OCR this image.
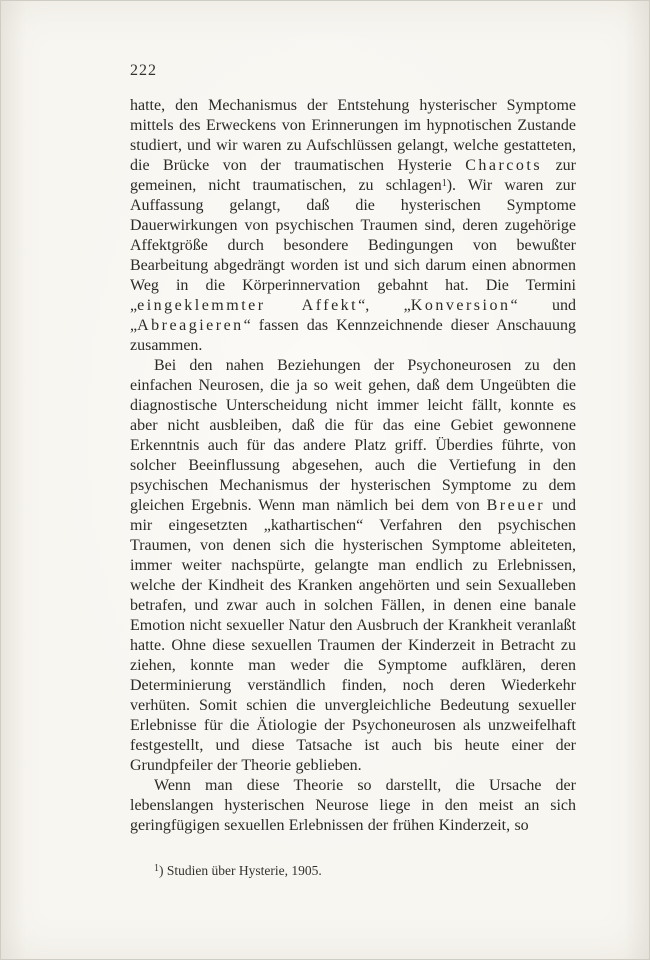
222

hatte, den Mechanismus der Entstehung hysterischer Symptome mittels des Erweckens von Erinnerungen im hypnotischen Zustande studiert, und wir waren zu Aufschlüssen gelangt, welche gestatteten, die Brücke von der traumatischen Hysterie Charcots zur gemeinen, nicht traumatischen, zu schlagen$^1$). Wir waren zur Auffassung gelangt, daß die hysterischen Symptome Dauerwirkungen von psychischen Traumen sind, deren zugehörige Affektgröße durch besondere Bedingungen von bewußter Bearbeitung abgedrängt worden ist und sich darum einen abnormen Weg in die Körperinnervation gebahnt hat. Die Termini „eingeklemmter Affekt“, „Konversion“ und „Abreagieren“ fassen das Kennzeichnende dieser Anschauung zusammen.

Bei den nahen Beziehungen der Psychoneurosen zu den einfachen Neurosen, die ja so weit gehen, daß dem Ungeübten die diagnostische Unterscheidung nicht immer leicht fällt, konnte es aber nicht ausbleiben, daß die für das eine Gebiet gewonnene Erkenntnis auch für das andere Platz griff. Überdies führte, von solcher Beeinflussung abgesehen, auch die Vertiefung in den psychischen Mechanismus der hysterischen Symptome zu dem gleichen Ergebnis. Wenn man nämlich bei dem von Breuer und mir eingesetzten „kathartischen“ Verfahren den psychischen Traumen, von denen sich die hysterischen Symptome ableiteten, immer weiter nachspürte, gelangte man endlich zu Erlebnissen, welche der Kindheit des Kranken angehörten und sein Sexualleben betrafen, und zwar auch in solchen Fällen, in denen eine banale Emotion nicht sexueller Natur den Ausbruch der Krankheit veranlaßt hatte. Ohne diese sexuellen Traumen der Kinderzeit in Betracht zu ziehen, konnte man weder die Symptome aufklären, deren Determinierung verständlich finden, noch deren Wiederkehr verhüten. Somit schien die unvergleichliche Bedeutung sexueller Erlebnisse für die Ätiologie der Psychoneurosen als unzweifelhaft festgestellt, und diese Tatsache ist auch bis heute einer der Grundpfeiler der Theorie geblieben.

Wenn man diese Theorie so darstellt, die Ursache der lebenslangen hysterischen Neurose liege in den meist an sich geringfügigen sexuellen Erlebnissen der frühen Kinderzeit, so

$^1$) Studien über Hysterie, 1905.
